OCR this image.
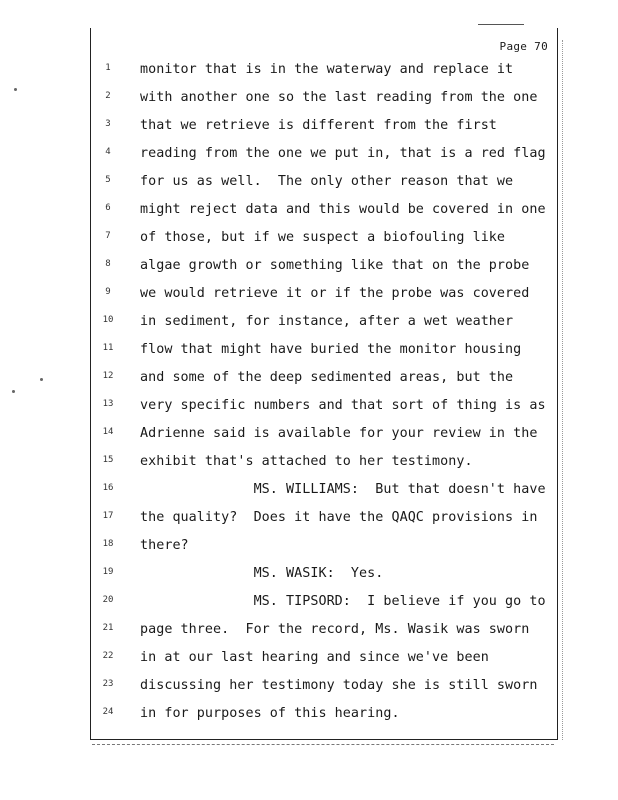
Page 70
1	monitor that is in the waterway and replace it
2	with another one so the last reading from the one
3	that we retrieve is different from the first
4	reading from the one we put in, that is a red flag
5	for us as well.  The only other reason that we
6	might reject data and this would be covered in one
7	of those, but if we suspect a biofouling like
8	algae growth or something like that on the probe
9	we would retrieve it or if the probe was covered
10 in sediment, for instance, after a wet weather
11 flow that might have buried the monitor housing
12 and some of the deep sedimented areas, but the
13 very specific numbers and that sort of thing is as
14 Adrienne said is available for your review in the
15 exhibit that's attached to her testimony.
16 MS. WILLIAMS:  But that doesn't have
17 the quality?  Does it have the QAQC provisions in
18 there?
19 MS. WASIK:  Yes.
20 MS. TIPSORD:  I believe if you go to
21 page three.  For the record, Ms. Wasik was sworn
22 in at our last hearing and since we've been
23 discussing her testimony today she is still sworn
24 in for purposes of this hearing.
